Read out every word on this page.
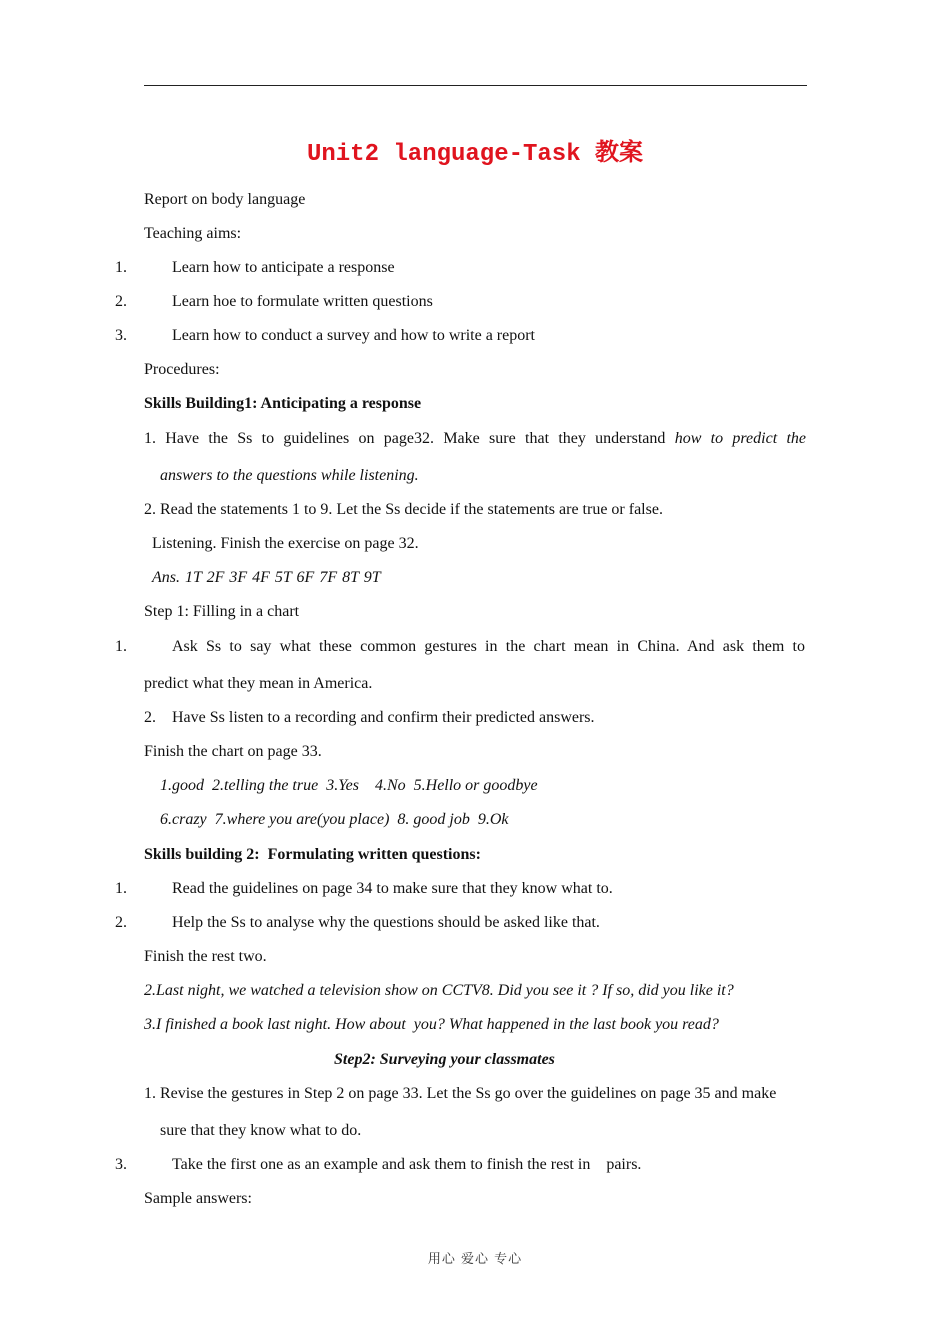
Unit2 language-Task 教案
Report on body language
Teaching aims:
1.	Learn how to anticipate a response
2.	Learn hoe to formulate written questions
3.	Learn how to conduct a survey and how to write a report
Procedures:
Skills Building1: Anticipating a response
1. Have the Ss to guidelines on page32. Make sure that they understand how to predict the
answers to the questions while listening.
2. Read the statements 1 to 9. Let the Ss decide if the statements are true or false.
Listening. Finish the exercise on page 32.
Ans. 1T 2F 3F 4F 5T 6F 7F 8T 9T
Step 1: Filling in a chart
1.	Ask Ss to say what these common gestures in the chart mean in China. And ask them to
predict what they mean in America.
2.    Have Ss listen to a recording and confirm their predicted answers.
Finish the chart on page 33.
1.good  2.telling the true  3.Yes    4.No  5.Hello or goodbye
6.crazy  7.where you are(you place)  8. good job  9.Ok
Skills building 2:  Formulating written questions:
1.	Read the guidelines on page 34 to make sure that they know what to.
2.	Help the Ss to analyse why the questions should be asked like that.
Finish the rest two.
2.Last night, we watched a television show on CCTV8. Did you see it ? If so, did you like it?
3.I finished a book last night. How about  you? What happened in the last book you read?
Step2: Surveying your classmates
1. Revise the gestures in Step 2 on page 33. Let the Ss go over the guidelines on page 35 and make
sure that they know what to do.
3.	Take the first one as an example and ask them to finish the rest in    pairs.
Sample answers:
用心 爱心 专心
